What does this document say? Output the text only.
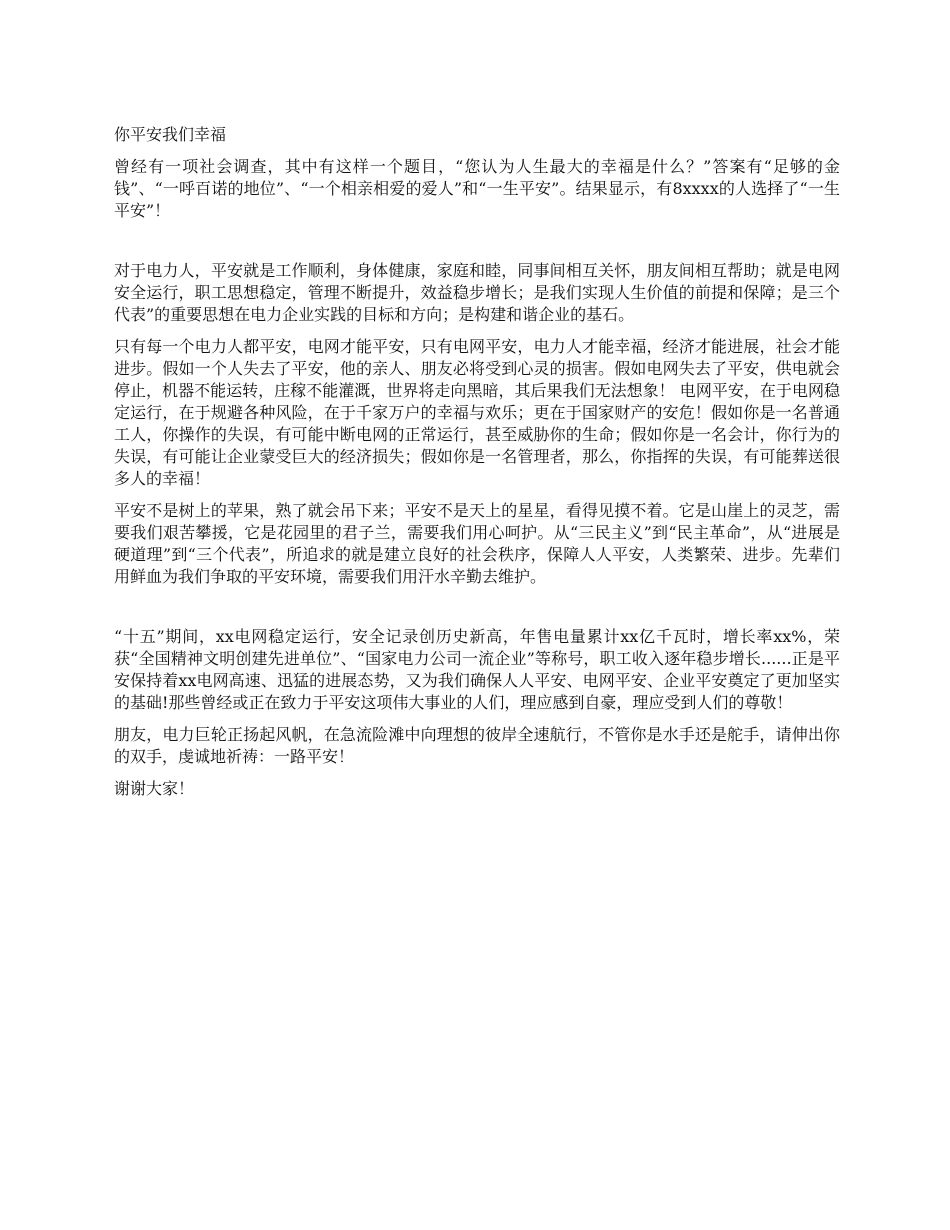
你平安我们幸福

曾经有一项社会调查，其中有这样一个题目，“您认为人生最大的幸福是什么？”答案有“足够的金钱”、“一呼百诺的地位”、“一个相亲相爱的爱人”和“一生平安”。结果显示，有8xxxx的人选择了“一生平安”！

对于电力人，平安就是工作顺利，身体健康，家庭和睦，同事间相互关怀，朋友间相互帮助；就是电网安全运行，职工思想稳定，管理不断提升，效益稳步增长；是我们实现人生价值的前提和保障；是三个代表”的重要思想在电力企业实践的目标和方向；是构建和谐企业的基石。

只有每一个电力人都平安，电网才能平安，只有电网平安，电力人才能幸福，经济才能进展，社会才能进步。假如一个人失去了平安，他的亲人、朋友必将受到心灵的损害。假如电网失去了平安，供电就会停止，机器不能运转，庄稼不能灌溉，世界将走向黑暗，其后果我们无法想象！ 电网平安，在于电网稳定运行，在于规避各种风险，在于千家万户的幸福与欢乐；更在于国家财产的安危！假如你是一名普通工人，你操作的失误，有可能中断电网的正常运行，甚至威胁你的生命；假如你是一名会计，你行为的失误，有可能让企业蒙受巨大的经济损失；假如你是一名管理者，那么，你指挥的失误，有可能葬送很多人的幸福！

平安不是树上的苹果，熟了就会吊下来；平安不是天上的星星，看得见摸不着。它是山崖上的灵芝，需要我们艰苦攀援，它是花园里的君子兰，需要我们用心呵护。从“三民主义”到“民主革命”，从“进展是硬道理”到“三个代表”，所追求的就是建立良好的社会秩序，保障人人平安，人类繁荣、进步。先辈们用鲜血为我们争取的平安环境，需要我们用汗水辛勤去维护。

“十五”期间，xx电网稳定运行，安全记录创历史新高，年售电量累计xx亿千瓦时，增长率xx%，荣获“全国精神文明创建先进单位”、“国家电力公司一流企业”等称号，职工收入逐年稳步增长......正是平安保持着xx电网高速、迅猛的进展态势，又为我们确保人人平安、电网平安、企业平安奠定了更加坚实的基础!那些曾经或正在致力于平安这项伟大事业的人们，理应感到自豪，理应受到人们的尊敬！

朋友，电力巨轮正扬起风帆，在急流险滩中向理想的彼岸全速航行，不管你是水手还是舵手，请伸出你的双手，虔诚地祈祷：一路平安！

谢谢大家！
